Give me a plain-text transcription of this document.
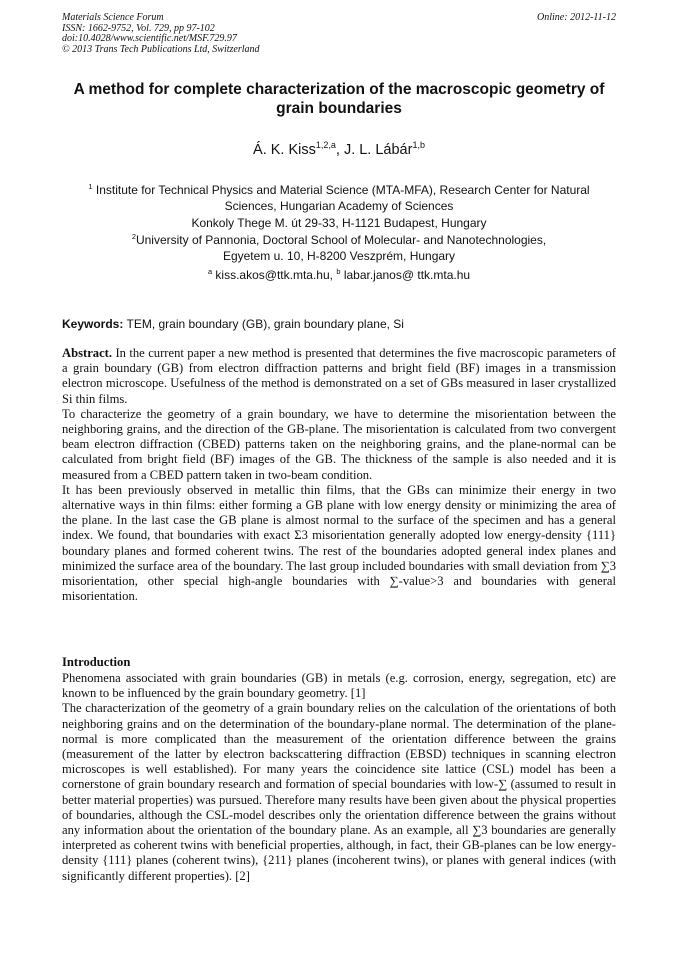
Materials Science Forum
ISSN: 1662-9752, Vol. 729, pp 97-102
doi:10.4028/www.scientific.net/MSF.729.97
© 2013 Trans Tech Publications Ltd, Switzerland
Online: 2012-11-12
A method for complete characterization of the macroscopic geometry of grain boundaries
Á. K. Kiss$^{1,2,a}$, J. L. Lábár$^{1,b}$
$^1$ Institute for Technical Physics and Material Science (MTA-MFA), Research Center for Natural
Sciences, Hungarian Academy of Sciences
Konkoly Thege M. út 29-33, H-1121 Budapest, Hungary
$^2$University of Pannonia, Doctoral School of Molecular- and Nanotechnologies,
Egyetem u. 10, H-8200 Veszprém, Hungary
$^a$ kiss.akos@ttk.mta.hu, $^b$ labar.janos@ ttk.mta.hu
Keywords: TEM, grain boundary (GB), grain boundary plane, Si

Abstract. In the current paper a new method is presented that determines the five macroscopic parameters of a grain boundary (GB) from electron diffraction patterns and bright field (BF) images in a transmission electron microscope. Usefulness of the method is demonstrated on a set of GBs measured in laser crystallized Si thin films.

To characterize the geometry of a grain boundary, we have to determine the misorientation between the neighboring grains, and the direction of the GB-plane. The misorientation is calculated from two convergent beam electron diffraction (CBED) patterns taken on the neighboring grains, and the plane-normal can be calculated from bright field (BF) images of the GB. The thickness of the sample is also needed and it is measured from a CBED pattern taken in two-beam condition.

It has been previously observed in metallic thin films, that the GBs can minimize their energy in two alternative ways in thin films: either forming a GB plane with low energy density or minimizing the area of the plane. In the last case the GB plane is almost normal to the surface of the specimen and has a general index. We found, that boundaries with exact Σ3 misorientation generally adopted low energy-density {111} boundary planes and formed coherent twins. The rest of the boundaries adopted general index planes and minimized the surface area of the boundary. The last group included boundaries with small deviation from ∑3 misorientation, other special high-angle boundaries with ∑-value>3 and boundaries with general misorientation.

Introduction

Phenomena associated with grain boundaries (GB) in metals (e.g. corrosion, energy, segregation, etc) are known to be influenced by the grain boundary geometry. [1]

The characterization of the geometry of a grain boundary relies on the calculation of the orientations of both neighboring grains and on the determination of the boundary-plane normal. The determination of the plane-normal is more complicated than the measurement of the orientation difference between the grains (measurement of the latter by electron backscattering diffraction (EBSD) techniques in scanning electron microscopes is well established). For many years the coincidence site lattice (CSL) model has been a cornerstone of grain boundary research and formation of special boundaries with low-∑ (assumed to result in better material properties) was pursued. Therefore many results have been given about the physical properties of boundaries, although the CSL-model describes only the orientation difference between the grains without any information about the orientation of the boundary plane. As an example, all ∑3 boundaries are generally interpreted as coherent twins with beneficial properties, although, in fact, their GB-planes can be low energy-density {111} planes (coherent twins), {211} planes (incoherent twins), or planes with general indices (with significantly different properties). [2]
